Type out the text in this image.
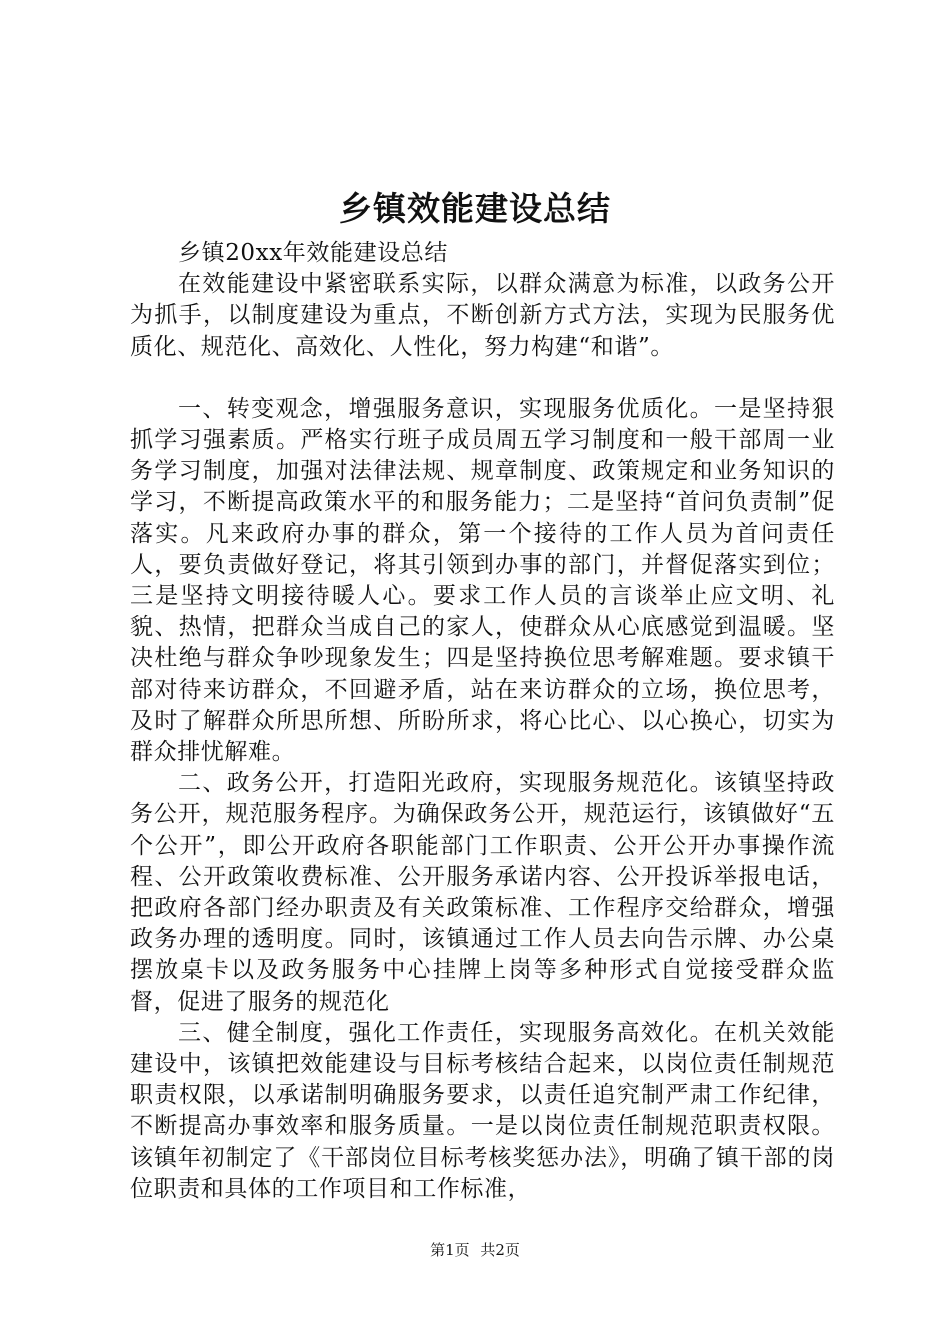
乡镇效能建设总结

乡镇20xx年效能建设总结

在效能建设中紧密联系实际，以群众满意为标准，以政务公开为抓手，以制度建设为重点，不断创新方式方法，实现为民服务优质化、规范化、高效化、人性化，努力构建“和谐”。

一、转变观念，增强服务意识，实现服务优质化。一是坚持狠抓学习强素质。严格实行班子成员周五学习制度和一般干部周一业务学习制度，加强对法律法规、规章制度、政策规定和业务知识的学习，不断提高政策水平的和服务能力；二是坚持“首问负责制”促落实。凡来政府办事的群众，第一个接待的工作人员为首问责任人，要负责做好登记，将其引领到办事的部门，并督促落实到位；三是坚持文明接待暖人心。要求工作人员的言谈举止应文明、礼貌、热情，把群众当成自己的家人，使群众从心底感觉到温暖。坚决杜绝与群众争吵现象发生；四是坚持换位思考解难题。要求镇干部对待来访群众，不回避矛盾，站在来访群众的立场，换位思考，及时了解群众所思所想、所盼所求，将心比心、以心换心，切实为群众排忧解难。

二、政务公开，打造阳光政府，实现服务规范化。该镇坚持政务公开，规范服务程序。为确保政务公开，规范运行，该镇做好“五个公开”，即公开政府各职能部门工作职责、公开公开办事操作流程、公开政策收费标准、公开服务承诺内容、公开投诉举报电话，把政府各部门经办职责及有关政策标准、工作程序交给群众，增强政务办理的透明度。同时，该镇通过工作人员去向告示牌、办公桌摆放桌卡以及政务服务中心挂牌上岗等多种形式自觉接受群众监督，促进了服务的规范化

三、健全制度，强化工作责任，实现服务高效化。在机关效能建设中，该镇把效能建设与目标考核结合起来，以岗位责任制规范职责权限，以承诺制明确服务要求，以责任追究制严肃工作纪律，不断提高办事效率和服务质量。一是以岗位责任制规范职责权限。该镇年初制定了《干部岗位目标考核奖惩办法》，明确了镇干部的岗位职责和具体的工作项目和工作标准，

第1页 共2页
